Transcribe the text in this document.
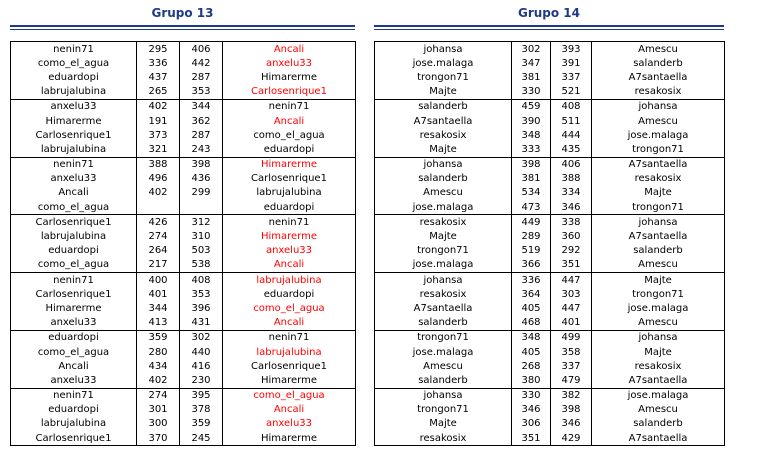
Grupo 13
nenin71	295	406	Ancali
como_el_agua	336	442	anxelu33
eduardopi	437	287	Himarerme
labrujalubina	265	353	Carlosenrique1
anxelu33	402	344	nenin71
Himarerme	191	362	Ancali
Carlosenrique1	373	287	como_el_agua
labrujalubina	321	243	eduardopi
nenin71	388	398	Himarerme
anxelu33	496	436	Carlosenrique1
Ancali	402	299	labrujalubina
como_el_agua			eduardopi
Carlosenrique1	426	312	nenin71
labrujalubina	274	310	Himarerme
eduardopi	264	503	anxelu33
como_el_agua	217	538	Ancali
nenin71	400	408	labrujalubina
Carlosenrique1	401	353	eduardopi
Himarerme	344	396	como_el_agua
anxelu33	413	431	Ancali
eduardopi	359	302	nenin71
como_el_agua	280	440	labrujalubina
Ancali	434	416	Carlosenrique1
anxelu33	402	230	Himarerme
nenin71	274	395	como_el_agua
eduardopi	301	378	Ancali
labrujalubina	300	359	anxelu33
Carlosenrique1	370	245	Himarerme
Grupo 14
johansa	302	393	Amescu
jose.malaga	347	391	salanderb
trongon71	381	337	A7santaella
Majte	330	521	resakosix
salanderb	459	408	johansa
A7santaella	390	511	Amescu
resakosix	348	444	jose.malaga
Majte	333	435	trongon71
johansa	398	406	A7santaella
salanderb	381	388	resakosix
Amescu	534	334	Majte
jose.malaga	473	346	trongon71
resakosix	449	338	johansa
Majte	289	360	A7santaella
trongon71	519	292	salanderb
jose.malaga	366	351	Amescu
johansa	336	447	Majte
resakosix	364	303	trongon71
A7santaella	405	447	jose.malaga
salanderb	468	401	Amescu
trongon71	348	499	johansa
jose.malaga	405	358	Majte
Amescu	268	337	resakosix
salanderb	380	479	A7santaella
johansa	330	382	jose.malaga
trongon71	346	398	Amescu
Majte	306	346	salanderb
resakosix	351	429	A7santaella
